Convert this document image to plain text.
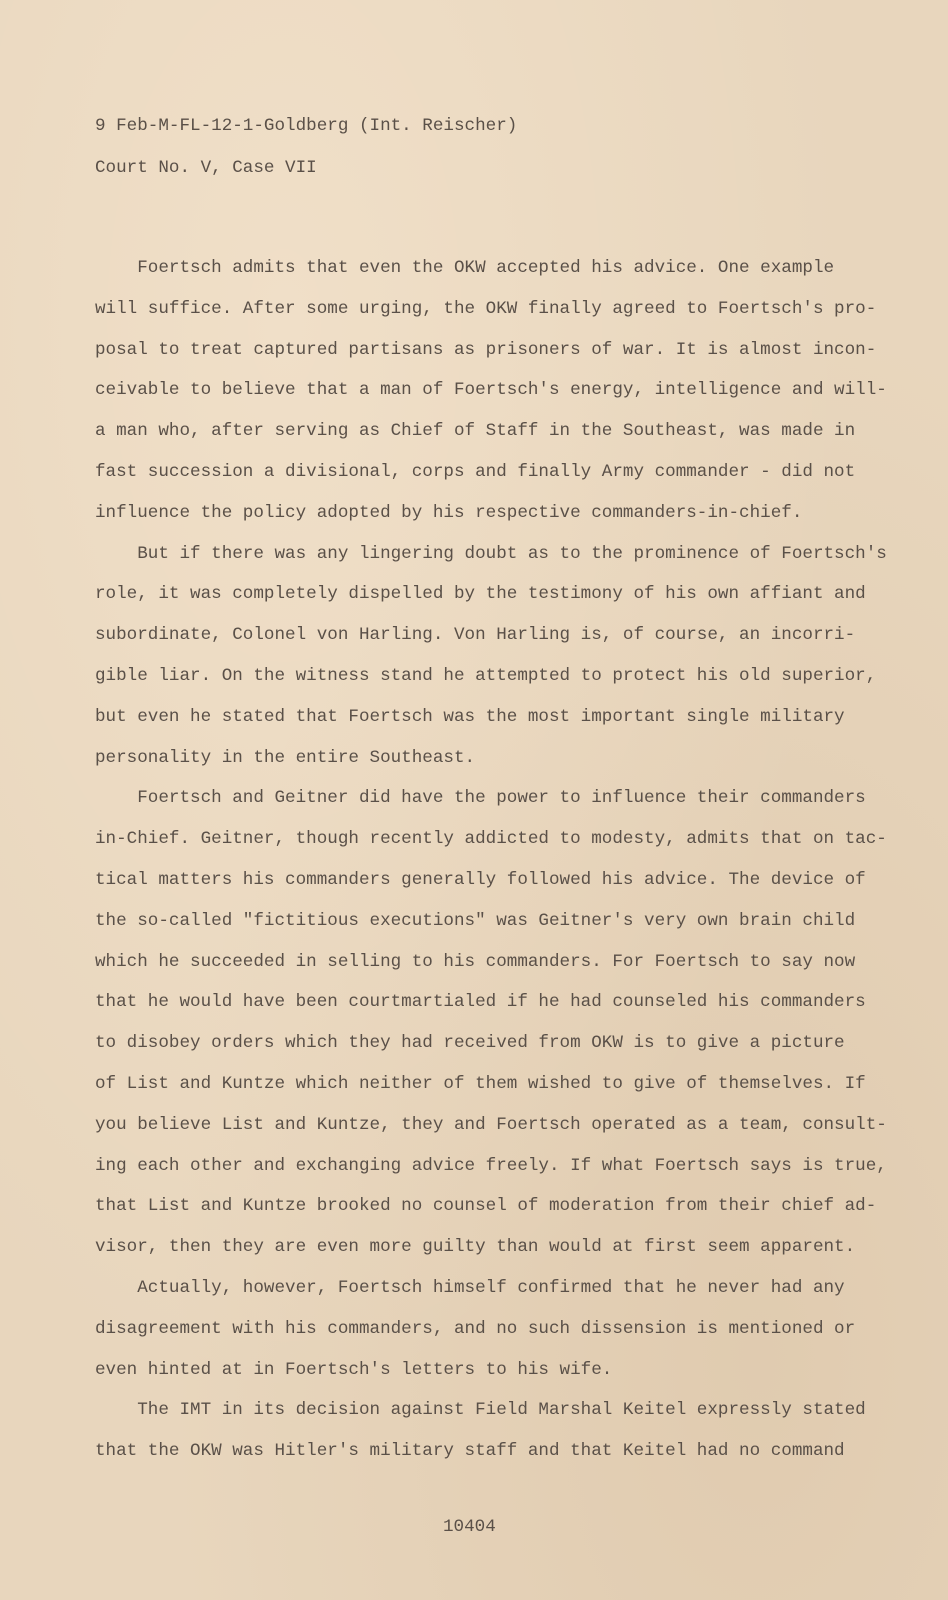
9 Feb-M-FL-12-1-Goldberg (Int. Reischer)
Court No. V, Case VII
Foertsch admits that even the OKW accepted his advice. One example
will suffice. After some urging, the OKW finally agreed to Foertsch's pro-
posal to treat captured partisans as prisoners of war. It is almost incon-
ceivable to believe that a man of Foertsch's energy, intelligence and will-
a man who, after serving as Chief of Staff in the Southeast, was made in
fast succession a divisional, corps and finally Army commander - did not
influence the policy adopted by his respective commanders-in-chief.
But if there was any lingering doubt as to the prominence of Foertsch's
role, it was completely dispelled by the testimony of his own affiant and
subordinate, Colonel von Harling. Von Harling is, of course, an incorri-
gible liar. On the witness stand he attempted to protect his old superior,
but even he stated that Foertsch was the most important single military
personality in the entire Southeast.
Foertsch and Geitner did have the power to influence their commanders
in-Chief. Geitner, though recently addicted to modesty, admits that on tac-
tical matters his commanders generally followed his advice. The device of
the so-called "fictitious executions" was Geitner's very own brain child
which he succeeded in selling to his commanders. For Foertsch to say now
that he would have been courtmartialed if he had counseled his commanders
to disobey orders which they had received from OKW is to give a picture
of List and Kuntze which neither of them wished to give of themselves. If
you believe List and Kuntze, they and Foertsch operated as a team, consult-
ing each other and exchanging advice freely. If what Foertsch says is true,
that List and Kuntze brooked no counsel of moderation from their chief ad-
visor, then they are even more guilty than would at first seem apparent.
Actually, however, Foertsch himself confirmed that he never had any
disagreement with his commanders, and no such dissension is mentioned or
even hinted at in Foertsch's letters to his wife.
The IMT in its decision against Field Marshal Keitel expressly stated
that the OKW was Hitler's military staff and that Keitel had no command
10404
